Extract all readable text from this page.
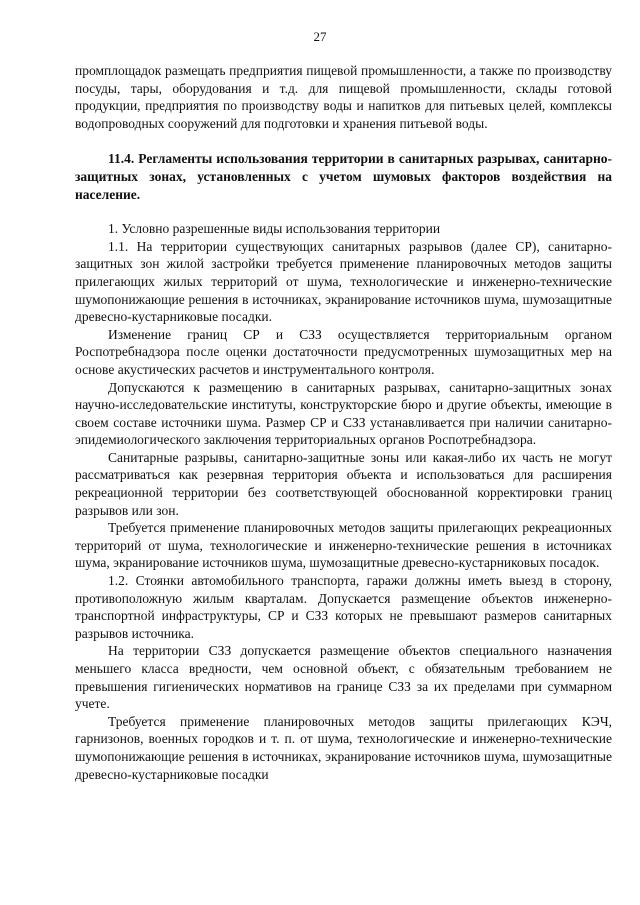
27

промплощадок размещать предприятия пищевой промышленности, а также по производству посуды, тары, оборудования и т.д. для пищевой промышленности, склады готовой продукции, предприятия по производству воды и напитков для питьевых целей, комплексы водопроводных сооружений для подготовки и хранения питьевой воды.

11.4. Регламенты использования территории в санитарных разрывах, санитарно-защитных зонах, установленных с учетом шумовых факторов воздействия на население.

1. Условно разрешенные виды использования территории

1.1. На территории существующих санитарных разрывов (далее СР), санитарно-защитных зон жилой застройки требуется применение планировочных методов защиты прилегающих жилых территорий от шума, технологические и инженерно-технические шумопонижающие решения в источниках, экранирование источников шума, шумозащитные древесно-кустарниковые посадки.

Изменение границ СР и СЗЗ осуществляется территориальным органом Роспотребнадзора после оценки достаточности предусмотренных шумозащитных мер на основе акустических расчетов и инструментального контроля.

Допускаются к размещению в санитарных разрывах, санитарно-защитных зонах научно-исследовательские институты, конструкторские бюро и другие объекты, имеющие в своем составе источники шума. Размер СР и СЗЗ устанавливается при наличии санитарно-эпидемиологического заключения территориальных органов Роспотребнадзора.

Санитарные разрывы, санитарно-защитные зоны или какая-либо их часть не могут рассматриваться как резервная территория объекта и использоваться для расширения рекреационной территории без соответствующей обоснованной корректировки границ разрывов или зон.

Требуется применение планировочных методов защиты прилегающих рекреационных территорий от шума, технологические и инженерно-технические решения в источниках шума, экранирование источников шума, шумозащитные древесно-кустарниковых посадок.

1.2. Стоянки автомобильного транспорта, гаражи должны иметь выезд в сторону, противоположную жилым кварталам. Допускается размещение объектов инженерно-транспортной инфраструктуры, СР и СЗЗ которых не превышают размеров санитарных разрывов источника.

На территории СЗЗ допускается размещение объектов специального назначения меньшего класса вредности, чем основной объект, с обязательным требованием не превышения гигиенических нормативов на границе СЗЗ за их пределами при суммарном учете.

Требуется применение планировочных методов защиты прилегающих КЭЧ, гарнизонов, военных городков и т. п. от шума, технологические и инженерно-технические шумопонижающие решения в источниках, экранирование источников шума, шумозащитные древесно-кустарниковые посадки
